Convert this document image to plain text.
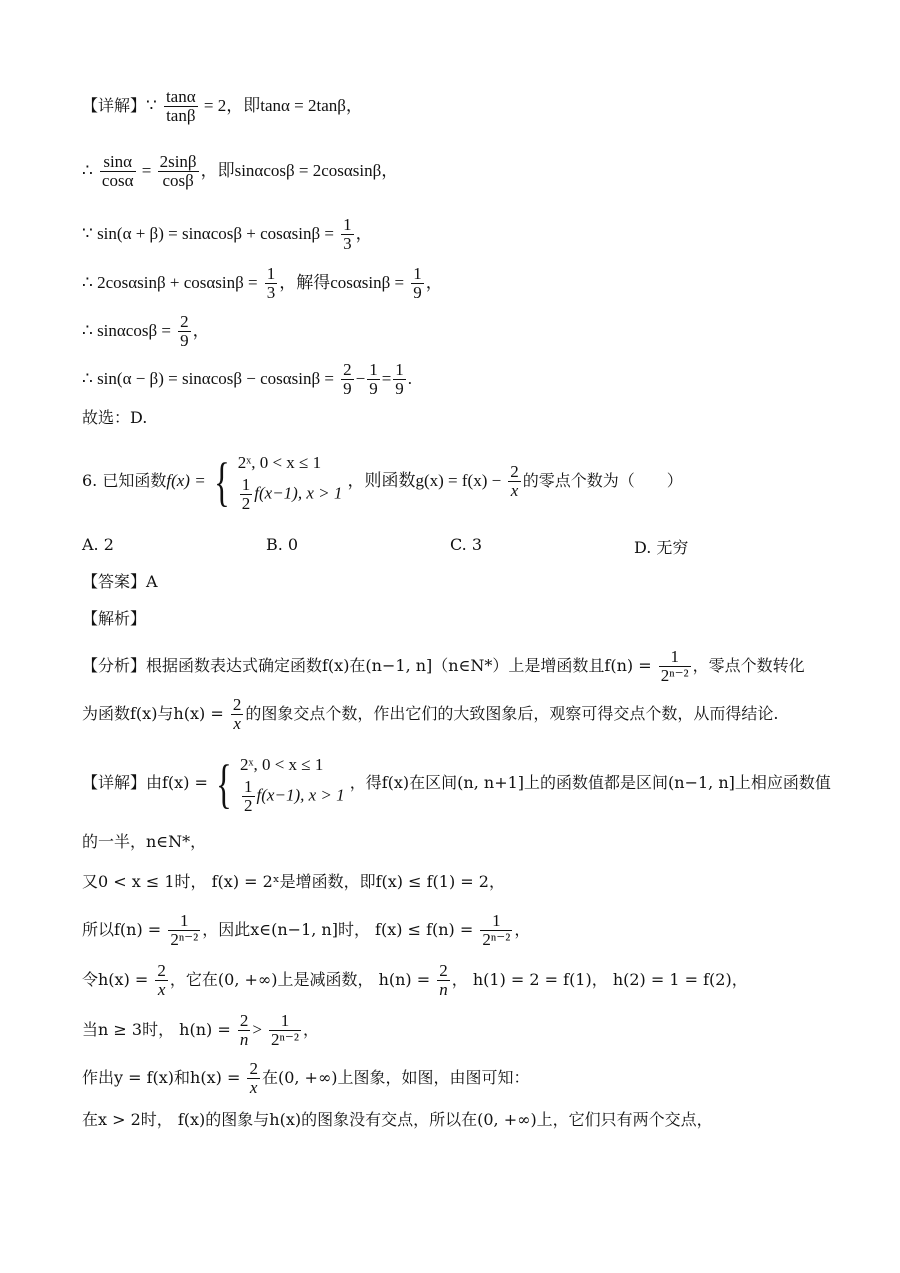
【详解】∵ $\frac{\tan\alpha}{\tan\beta} = 2$，即tanα = 2tanβ，
∴ $\frac{\sin\alpha}{\cos\alpha} = \frac{2\sin\beta}{\cos\beta}$ ，即sinαcosβ = 2cosαsinβ，
∵ $\sin(\alpha + \beta) = \sin\alpha\cos\beta + \cos\alpha\sin\beta = \frac{1}{3}$ ，
∴ $2\cos\alpha\sin\beta + \cos\alpha\sin\beta = \frac{1}{3}$ ，解得$\cos\alpha\sin\beta = \frac{1}{9}$ ，
∴ $\sin\alpha\cos\beta = \frac{2}{9}$ ，
∴ $\sin(\alpha - \beta) = \sin\alpha\cos\beta - \cos\alpha\sin\beta = \frac{2}{9} - \frac{1}{9} = \frac{1}{9}$ .
故选：D.
6. 已知函数f(x) = { 2ˣ, 0 < x ≤ 1
$\frac{1}{2} f(x-1)$, x > 1
，则函数$g(x) = f(x) - \frac{2}{x}$ 的零点个数为（　　）
A. 2	B. 0	C. 3	D. 无穷
【答案】A
【解析】
【分析】根据函数表达式确定函数f(x)在(n−1, n]（n∈N*）上是增函数且$f(n) = \frac{1}{\text{2ⁿ⁻²}}$ ，零点个数转化
为函数f(x)与$h(x) = \frac{2}{x}$ 的图象交点个数，作出它们的大致图象后，观察可得交点个数，从而得结论.
【详解】由f(x) = { 2ˣ, 0 < x ≤ 1
$\frac{1}{2} f(x-1)$, x > 1
，得f(x)在区间(n, n+1]上的函数值都是区间(n−1, n]上相应函数值
的一半，n∈N*，
又0 < x ≤ 1时， f(x) = 2ˣ是增函数，即f(x) ≤ f(1) = 2，
所以$f(n) = \frac{1}{\text{2ⁿ⁻²}}$ ，因此x∈(n−1, n]时， $f(x) \le f(n) = \frac{1}{\text{2ⁿ⁻²}}$ ，
令$h(x) = \frac{2}{x}$ ，它在(0, +∞)上是减函数， $h(n) = \frac{2}{n}$ ， h(1) = 2 = f(1)， h(2) = 1 = f(2)，
当n ≥ 3时， $h(n) = \frac{2}{n} > \frac{1}{\text{2ⁿ⁻²}}$ ，
作出y = f(x)和$h(x) = \frac{2}{x}$ 在(0, +∞)上图象，如图，由图可知：
在x > 2时， f(x)的图象与h(x)的图象没有交点，所以在(0, +∞)上，它们只有两个交点，
